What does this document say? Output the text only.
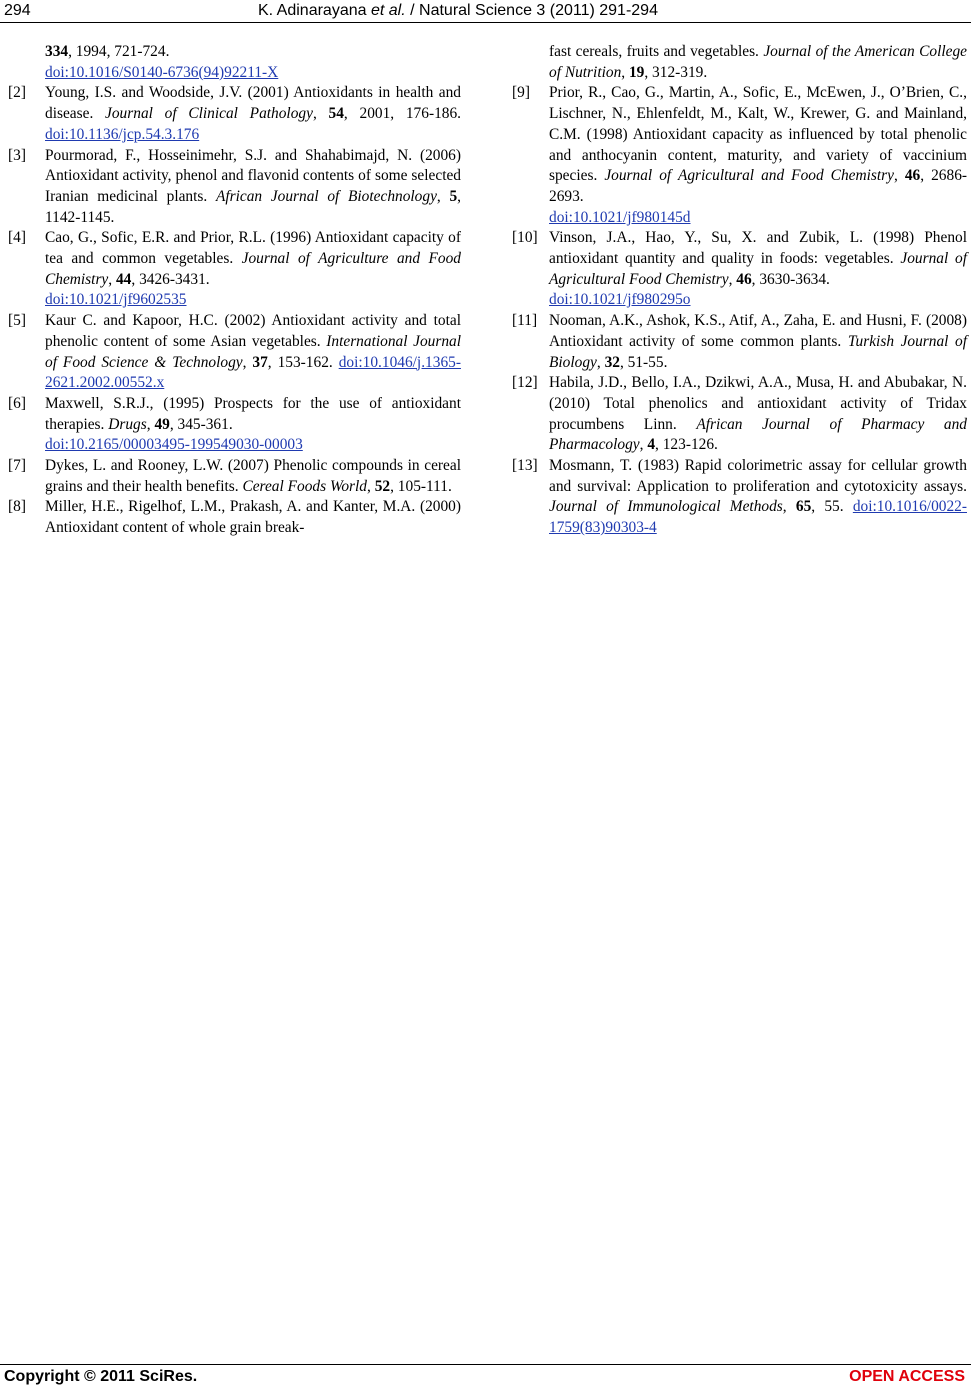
294	K. Adinarayana et al. / Natural Science 3 (2011) 291-294
334, 1994, 721-724.
doi:10.1016/S0140-6736(94)92211-X
[2] Young, I.S. and Woodside, J.V. (2001) Antioxidants in health and disease. Journal of Clinical Pathology, 54, 2001, 176-186. doi:10.1136/jcp.54.3.176
[3] Pourmorad, F., Hosseinimehr, S.J. and Shahabimajd, N. (2006) Antioxidant activity, phenol and flavonid contents of some selected Iranian medicinal plants. African Journal of Biotechnology, 5, 1142-1145.
[4] Cao, G., Sofic, E.R. and Prior, R.L. (1996) Antioxidant capacity of tea and common vegetables. Journal of Agriculture and Food Chemistry, 44, 3426-3431.
doi:10.1021/jf9602535
[5] Kaur C. and Kapoor, H.C. (2002) Antioxidant activity and total phenolic content of some Asian vegetables. International Journal of Food Science & Technology, 37, 153-162. doi:10.1046/j.1365-2621.2002.00552.x
[6] Maxwell, S.R.J., (1995) Prospects for the use of antioxidant therapies. Drugs, 49, 345-361.
doi:10.2165/00003495-199549030-00003
[7] Dykes, L. and Rooney, L.W. (2007) Phenolic compounds in cereal grains and their health benefits. Cereal Foods World, 52, 105-111.
[8] Miller, H.E., Rigelhof, L.M., Prakash, A. and Kanter, M.A. (2000) Antioxidant content of whole grain break-
fast cereals, fruits and vegetables. Journal of the American College of Nutrition, 19, 312-319.
[9] Prior, R., Cao, G., Martin, A., Sofic, E., McEwen, J., O’Brien, C., Lischner, N., Ehlenfeldt, M., Kalt, W., Krewer, G. and Mainland, C.M. (1998) Antioxidant capacity as influenced by total phenolic and anthocyanin content, maturity, and variety of vaccinium species. Journal of Agricultural and Food Chemistry, 46, 2686-2693.
doi:10.1021/jf980145d
[10] Vinson, J.A., Hao, Y., Su, X. and Zubik, L. (1998) Phenol antioxidant quantity and quality in foods: vegetables. Journal of Agricultural Food Chemistry, 46, 3630-3634.
doi:10.1021/jf980295o
[11] Nooman, A.K., Ashok, K.S., Atif, A., Zaha, E. and Husni, F. (2008) Antioxidant activity of some common plants. Turkish Journal of Biology, 32, 51-55.
[12] Habila, J.D., Bello, I.A., Dzikwi, A.A., Musa, H. and Abubakar, N. (2010) Total phenolics and antioxidant activity of Tridax procumbens Linn. African Journal of Pharmacy and Pharmacology, 4, 123-126.
[13] Mosmann, T. (1983) Rapid colorimetric assay for cellular growth and survival: Application to proliferation and cytotoxicity assays. Journal of Immunological Methods, 65, 55. doi:10.1016/0022-1759(83)90303-4
Copyright © 2011 SciRes.	OPEN ACCESS
